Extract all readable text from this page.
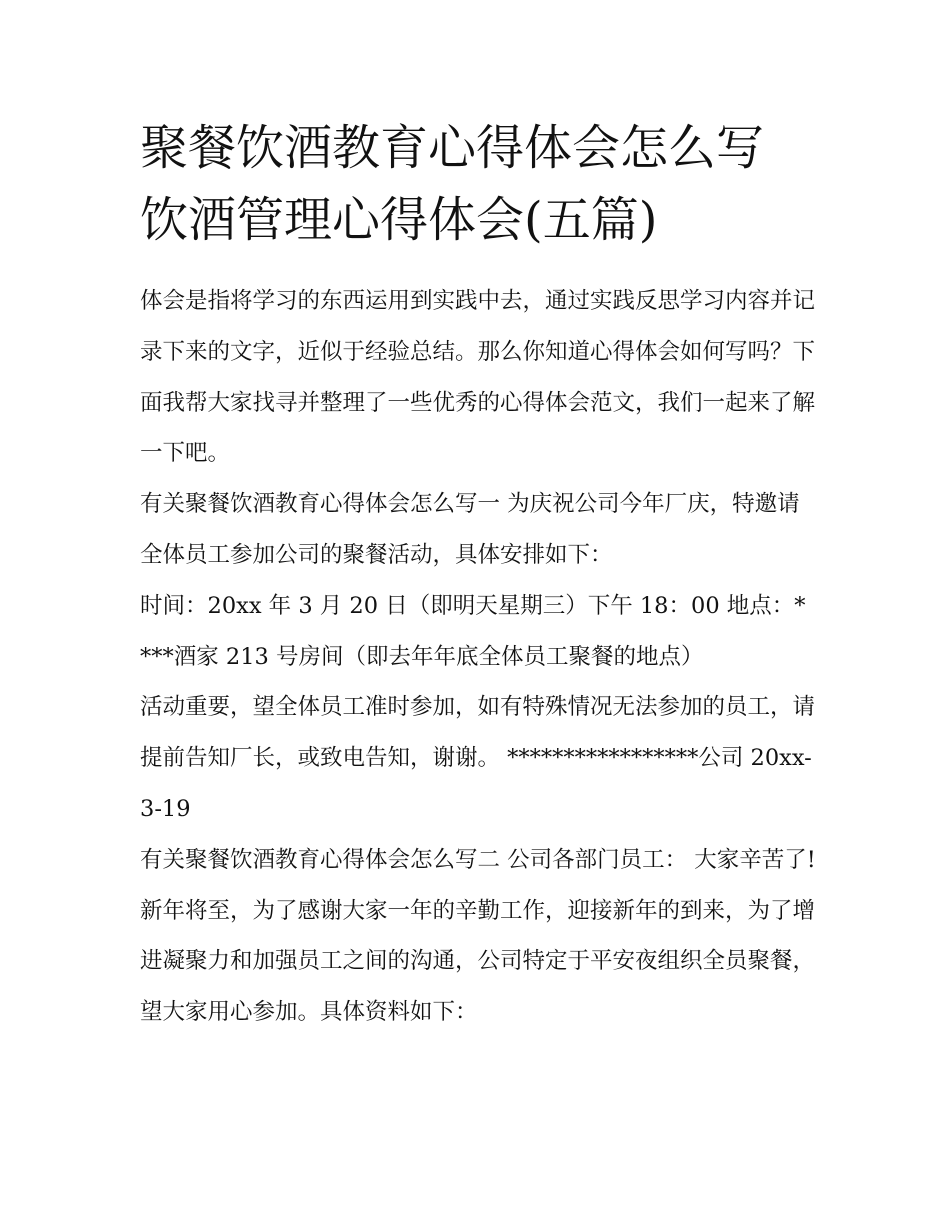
聚餐饮酒教育心得体会怎么写
饮酒管理心得体会(五篇)

体会是指将学习的东西运用到实践中去，通过实践反思学习内容并记录下来的文字，近似于经验总结。那么你知道心得体会如何写吗？下面我帮大家找寻并整理了一些优秀的心得体会范文，我们一起来了解一下吧。

有关聚餐饮酒教育心得体会怎么写一 为庆祝公司今年厂庆，特邀请全体员工参加公司的聚餐活动，具体安排如下：

时间：20xx 年 3 月 20 日（即明天星期三）下午 18：00 地点：****酒家 213 号房间（即去年年底全体员工聚餐的地点）

活动重要，望全体员工准时参加，如有特殊情况无法参加的员工，请提前告知厂长，或致电告知，谢谢。 *****************公司 20xx-3-19

有关聚餐饮酒教育心得体会怎么写二 公司各部门员工： 大家辛苦了!

新年将至，为了感谢大家一年的辛勤工作，迎接新年的到来，为了增进凝聚力和加强员工之间的沟通，公司特定于平安夜组织全员聚餐，望大家用心参加。具体资料如下：
